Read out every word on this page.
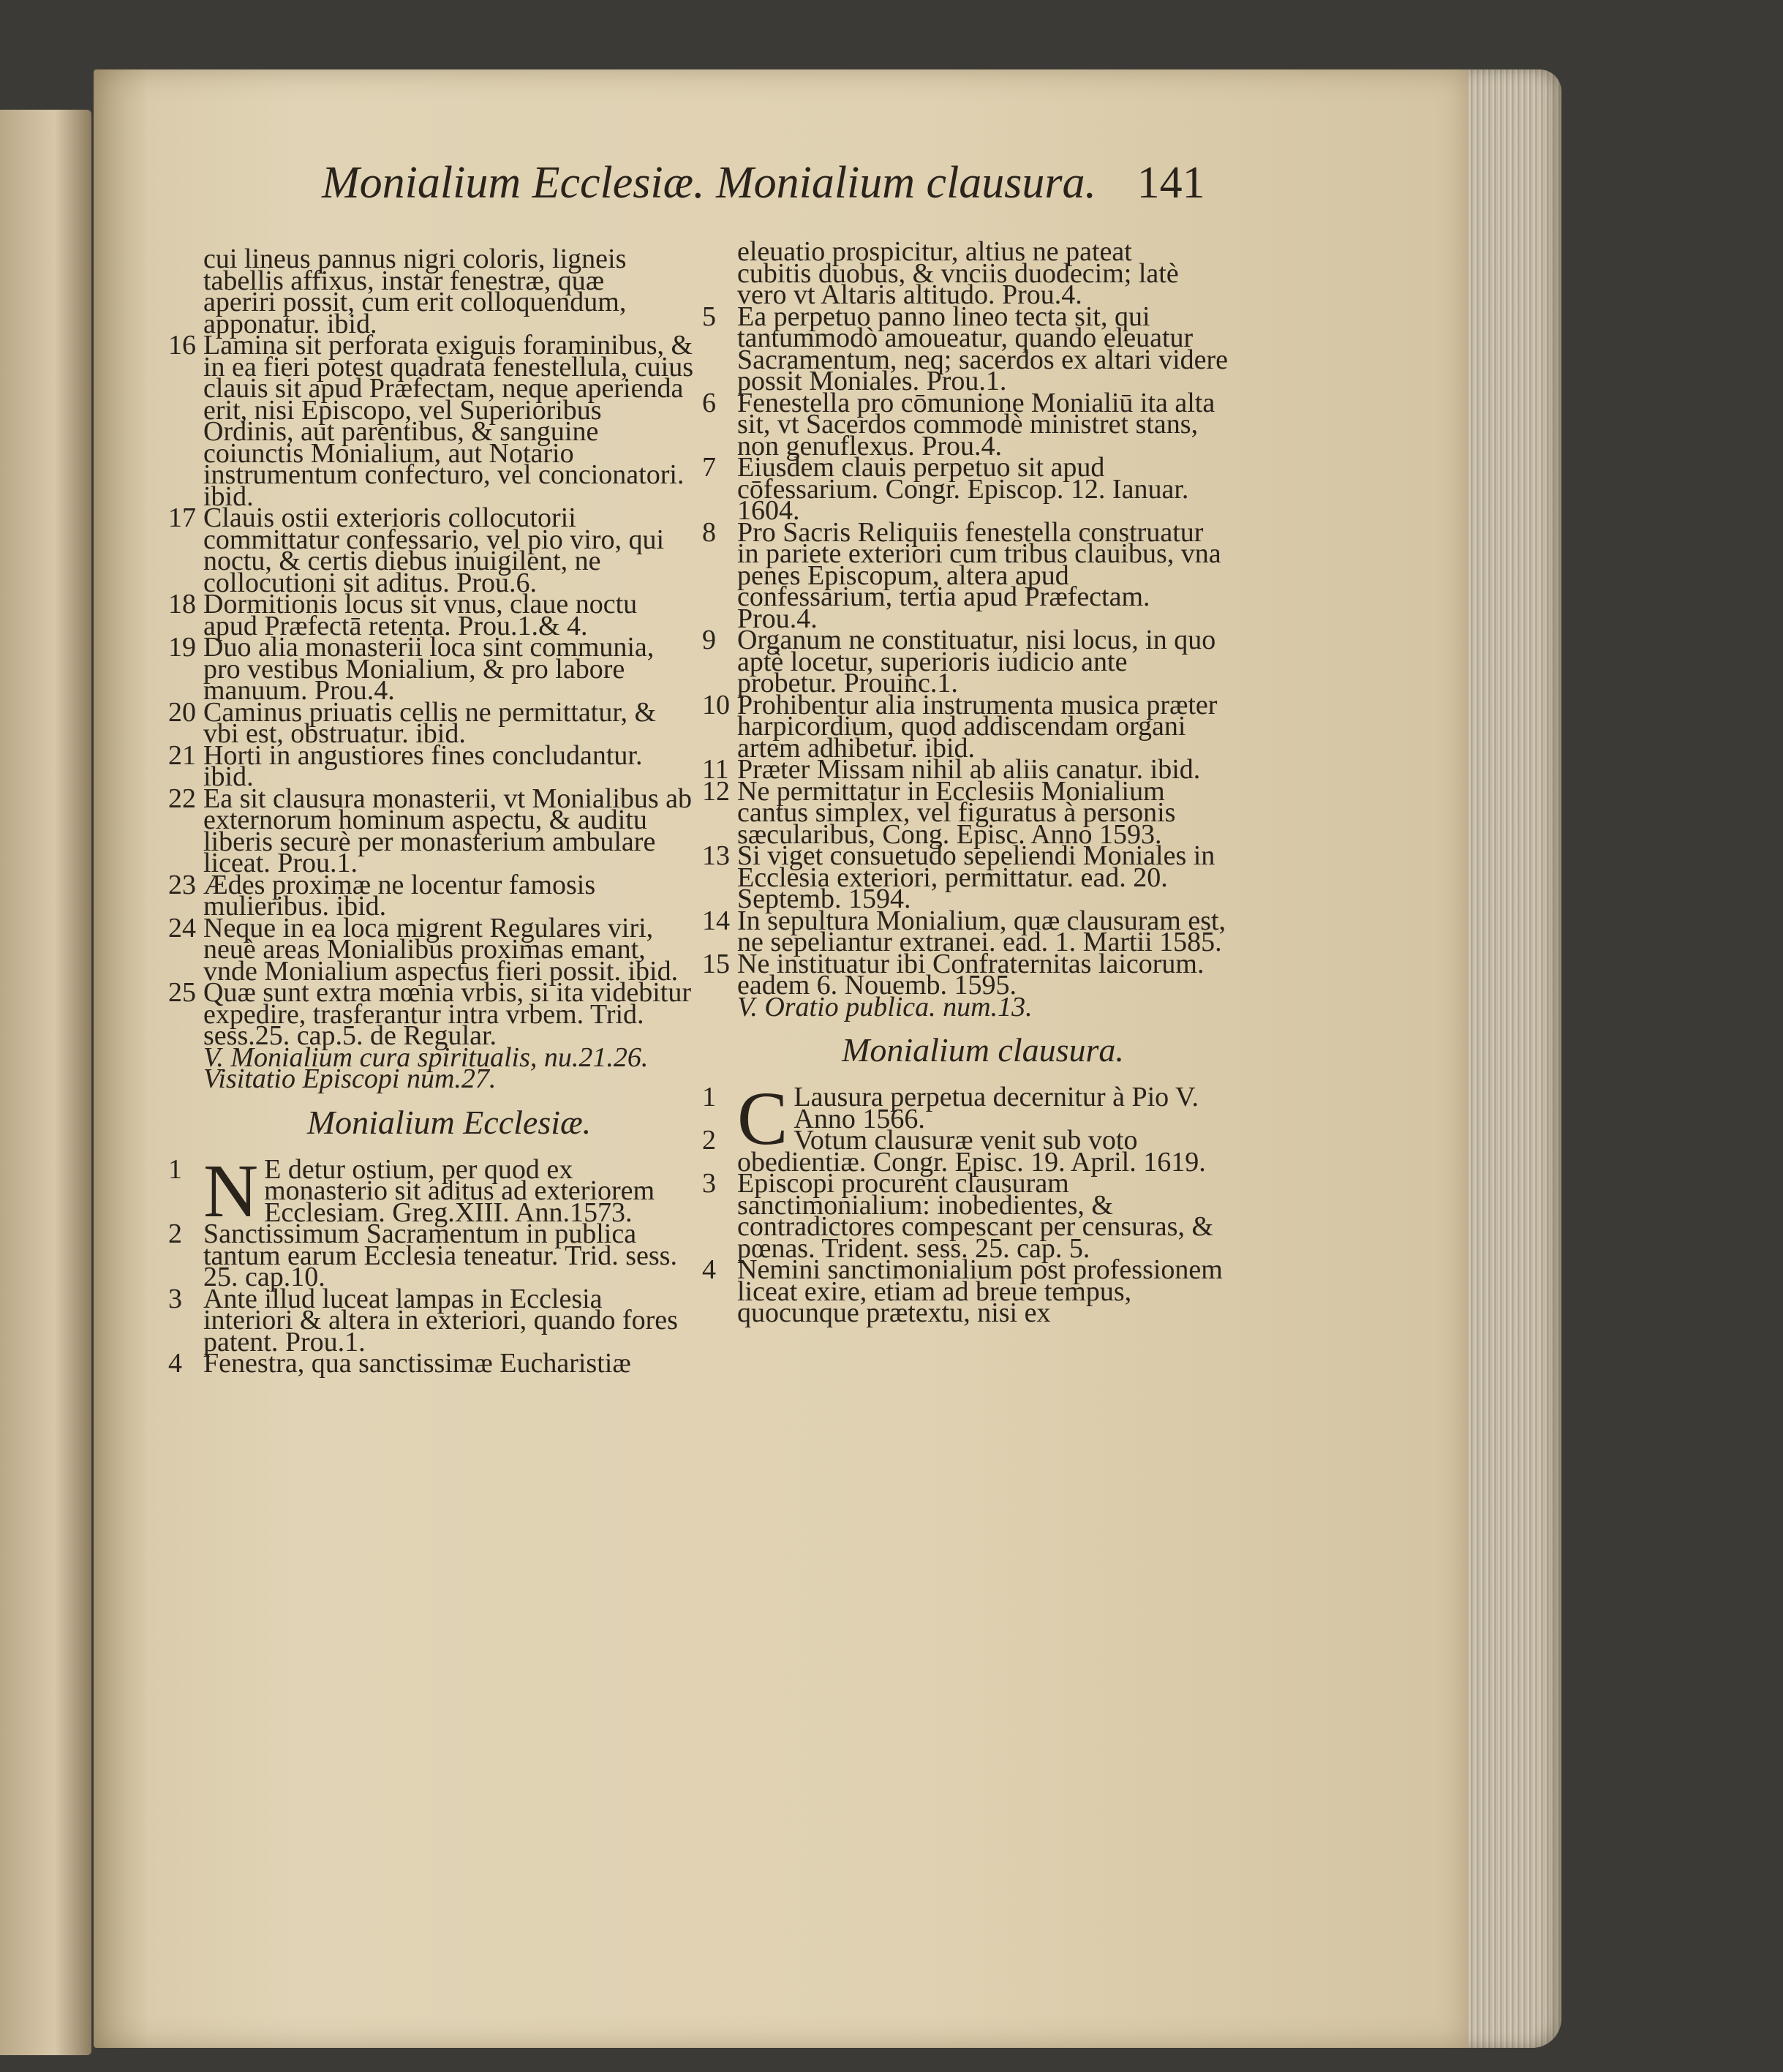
Monialium Ecclesiæ. Monialium clausura. 141
cui lineus pannus nigri coloris, ligneis
tabellis affixus, instar fenestræ, quæ
aperiri possit, cum erit colloquendum,
apponatur. ibid.
16 Lamina sit perforata exiguis foraminibus, & in ea fieri potest quadrata fenestellula, cuius clauis sit apud Præfectam, neque aperienda erit, nisi Episcopo, vel Superioribus Ordinis, aut parentibus, & sanguine coiunctis Monialium, aut Notario instrumentum confecturo, vel concionatori. ibid.
17 Clauis ostii exterioris collocutorii committatur confessario, vel pio viro, qui noctu, & certis diebus inuigilent, ne collocutioni sit aditus. Prou.6.
18 Dormitionis locus sit vnus, claue noctu apud Præfectā retenta. Prou.1.& 4.
19 Duo alia monasterii loca sint communia, pro vestibus Monialium, & pro labore manuum. Prou.4.
20 Caminus priuatis cellis ne permittatur, & vbi est, obstruatur. ibid.
21 Horti in angustiores fines concludantur. ibid.
22 Ea sit clausura monasterii, vt Monialibus ab externorum hominum aspectu, & auditu liberis securè per monasterium ambulare liceat. Prou.1.
23 Ædes proximæ ne locentur famosis mulieribus. ibid.
24 Neque in ea loca migrent Regulares viri, neuè areas Monialibus proximas emant, vnde Monialium aspectus fieri possit. ibid.
25 Quæ sunt extra mœnia vrbis, si ita videbitur expedire, trasferantur intra vrbem. Trid. sess.25. cap.5. de Regular.
V. Monialium cura spiritualis, nu.21.26.
Visitatio Episcopi num.27.
Monialium Ecclesiæ.
1 N E detur ostium, per quod ex monasterio sit aditus ad exteriorem Ecclesiam. Greg.XIII. Ann.1573.
2 Sanctissimum Sacramentum in publica tantum earum Ecclesia teneatur. Trid. sess. 25. cap.10.
3 Ante illud luceat lampas in Ecclesia interiori & altera in exteriori, quando fores patent. Prou.1.
4 Fenestra, qua sanctissimæ Eucharistiæ
eleuatio prospicitur, altius ne pateat
cubitis duobus, & vnciis duodecim; latè vero vt Altaris altitudo. Prou.4.
5 Ea perpetuo panno lineo tecta sit, qui tantummodò amoueatur, quando eleuatur Sacramentum, neq; sacerdos ex altari videre possit Moniales. Prou.1.
6 Fenestella pro cōmunione Monialiū ita alta sit, vt Sacerdos commodè ministret stans, non genuflexus. Prou.4.
7 Eiusdem clauis perpetuo sit apud cōfessarium. Congr. Episcop. 12. Ianuar. 1604.
8 Pro Sacris Reliquiis fenestella construatur in pariete exteriori cum tribus clauibus, vna penes Episcopum, altera apud confessarium, tertia apud Præfectam. Prou.4.
9 Organum ne constituatur, nisi locus, in quo aptè locetur, superioris iudicio ante probetur. Prouinc.1.
10 Prohibentur alia instrumenta musica præter harpicordium, quod addiscendam organi artem adhibetur. ibid.
11 Præter Missam nihil ab aliis canatur. ibid.
12 Ne permittatur in Ecclesiis Monialium cantus simplex, vel figuratus à personis sæcularibus, Cong. Episc. Anno 1593.
13 Si viget consuetudo sepeliendi Moniales in Ecclesia exteriori, permittatur. ead. 20. Septemb. 1594.
14 In sepultura Monialium, quæ clausuram est, ne sepeliantur extranei. ead. 1. Martii 1585.
15 Ne instituatur ibi Confraternitas laicorum. eadem 6. Nouemb. 1595.
V. Oratio publica. num.13.
Monialium clausura.
1 C Lausura perpetua decernitur à Pio V. Anno 1566.
2	Votum clausuræ venit sub voto obedientiæ. Congr. Episc. 19. April. 1619.
3 Episcopi procurent clausuram sanctimonialium: inobedientes, & contradictores compescant per censuras, & pœnas. Trident. sess. 25. cap. 5.
4 Nemini sanctimonialium post professionem liceat exire, etiam ad breue tempus, quocunque prætextu, nisi ex
